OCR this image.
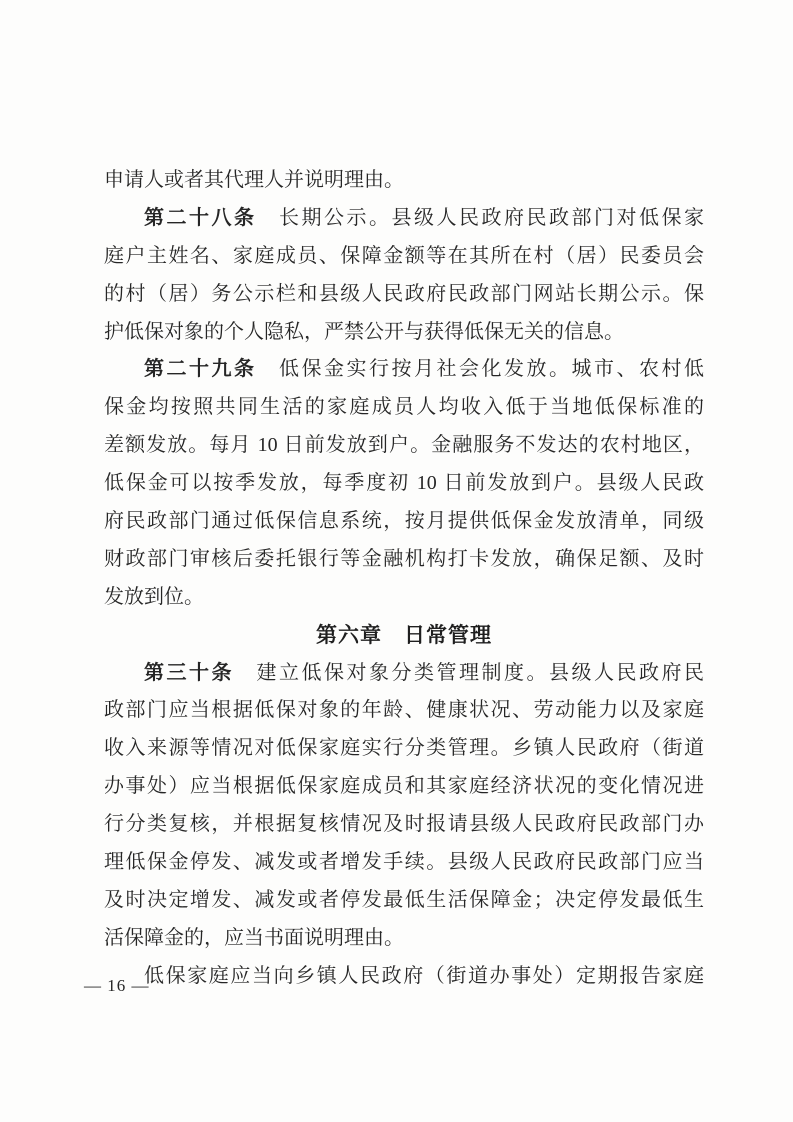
申请人或者其代理人并说明理由。
第二十八条　长期公示。县级人民政府民政部门对低保家
庭户主姓名、家庭成员、保障金额等在其所在村（居）民委员会
的村（居）务公示栏和县级人民政府民政部门网站长期公示。保
护低保对象的个人隐私，严禁公开与获得低保无关的信息。
第二十九条　低保金实行按月社会化发放。城市、农村低
保金均按照共同生活的家庭成员人均收入低于当地低保标准的
差额发放。每月 10 日前发放到户。金融服务不发达的农村地区，
低保金可以按季发放，每季度初 10 日前发放到户。县级人民政
府民政部门通过低保信息系统，按月提供低保金发放清单，同级
财政部门审核后委托银行等金融机构打卡发放，确保足额、及时
发放到位。
第六章　日常管理
第三十条　建立低保对象分类管理制度。县级人民政府民
政部门应当根据低保对象的年龄、健康状况、劳动能力以及家庭
收入来源等情况对低保家庭实行分类管理。乡镇人民政府（街道
办事处）应当根据低保家庭成员和其家庭经济状况的变化情况进
行分类复核，并根据复核情况及时报请县级人民政府民政部门办
理低保金停发、减发或者增发手续。县级人民政府民政部门应当
及时决定增发、减发或者停发最低生活保障金；决定停发最低生
活保障金的，应当书面说明理由。
低保家庭应当向乡镇人民政府（街道办事处）定期报告家庭
— 16 —
